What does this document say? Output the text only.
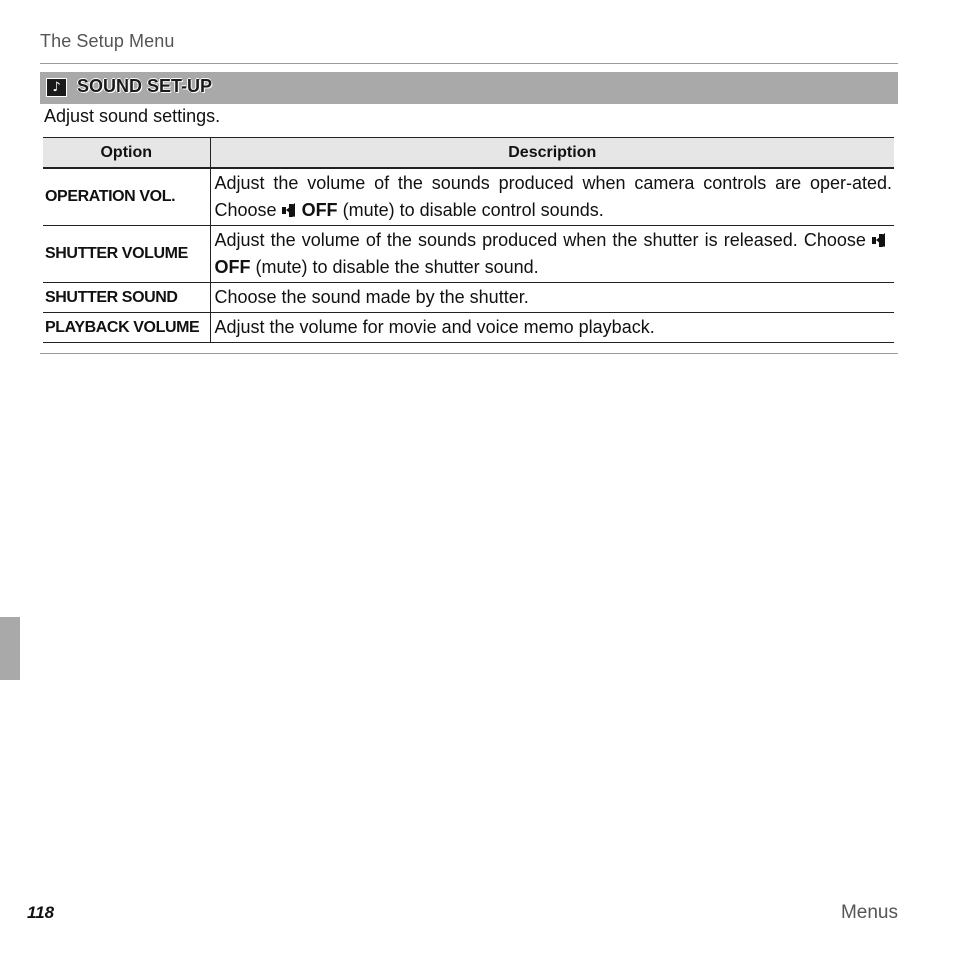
The Setup Menu
♪ SOUND SET-UP
Adjust sound settings.
Option	Description
OPERATION VOL.	Adjust the volume of the sounds produced when camera controls are oper-ated. Choose OFF (mute) to disable control sounds.
SHUTTER VOLUME	Adjust the volume of the sounds produced when the shutter is released. Choose
OFF (mute) to disable the shutter sound.
SHUTTER SOUND	Choose the sound made by the shutter.
PLAYBACK VOLUME	Adjust the volume for movie and voice memo playback.
118	Menus
